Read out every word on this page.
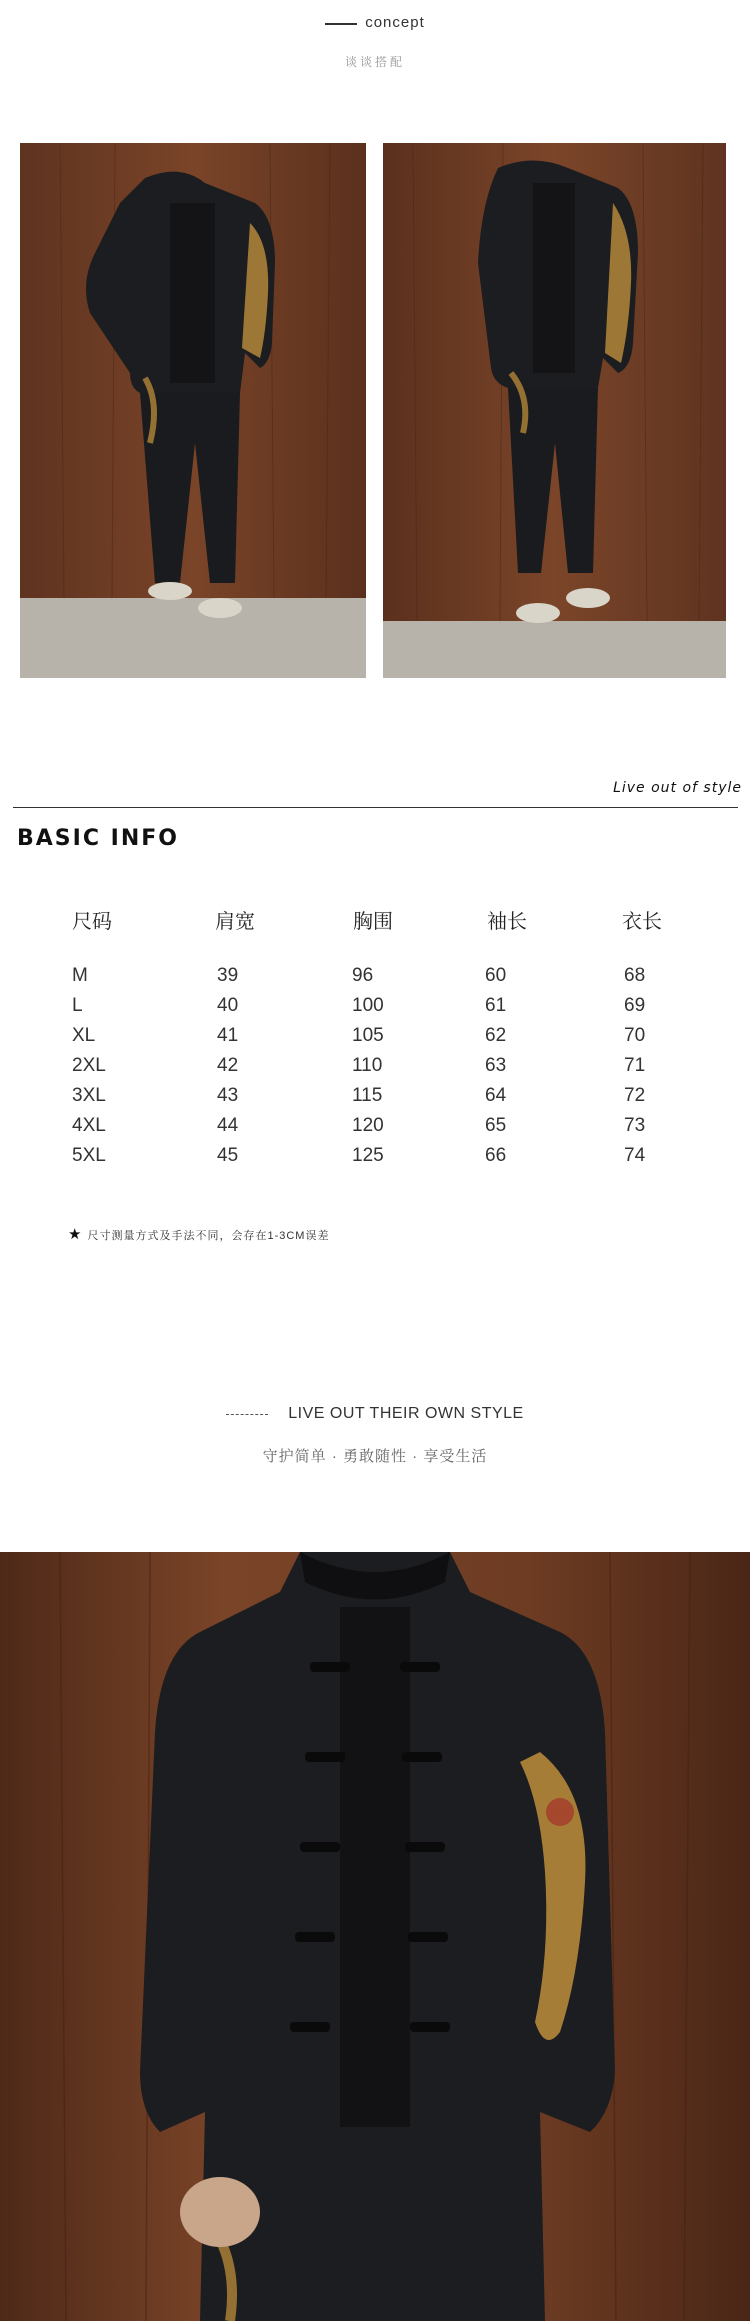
concept
谈谈搭配
Live out of style
BASIC INFO
尺码	肩宽	胸围	袖长	衣长
M	39	96	60	68
L	40	100	61	69
XL	41	105	62	70
2XL	42	110	63	71
3XL	43	115	64	72
4XL	44	120	65	73
5XL	45	125	66	74
★ 尺寸测量方式及手法不同，会存在1-3CM误差
LIVE OUT THEIR OWN STYLE
守护简单 · 勇敢随性 · 享受生活
